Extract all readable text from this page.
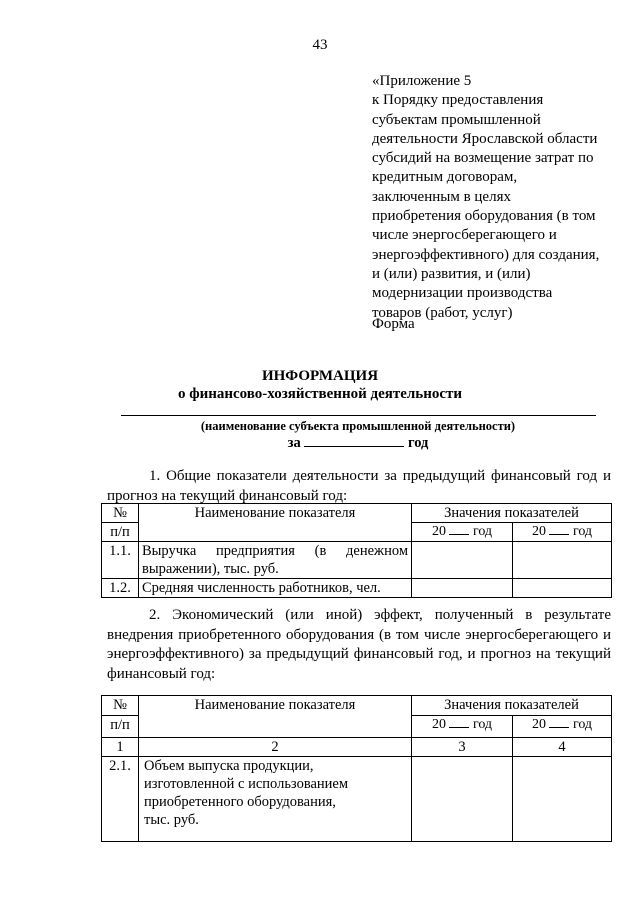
43
«Приложение 5
к Порядку предоставления
субъектам промышленной
деятельности Ярославской области
субсидий на возмещение затрат по
кредитным договорам,
заключенным в целях
приобретения оборудования (в том
числе энергосберегающего и
энергоэффективного) для создания,
и (или) развития, и (или)
модернизации производства
товаров (работ, услуг)
Форма
ИНФОРМАЦИЯ
о финансово-хозяйственной деятельности
(наименование субъекта промышленной деятельности)
за	год
1. Общие показатели деятельности за предыдущий финансовый год и
прогноз на текущий финансовый год:
№	Наименование показателя	Значения показателей	
п/п		20 год	20 год
1.1.	Выручка предприятия (в денежном
выражении), тыс. руб.		
1.2.	Средняя численность работников, чел.		
2. Экономический (или иной) эффект, полученный в результате
внедрения приобретенного оборудования (в том числе энергосберегающего и
энергоэффективного) за предыдущий финансовый год, и прогноз на текущий
финансовый год:
№	Наименование показателя	Значения показателей	
п/п		20 год	20 год
1	2	3	4
2.1.	Объем выпуска продукции,
изготовленной с использованием
приобретенного оборудования,
тыс. руб.		
